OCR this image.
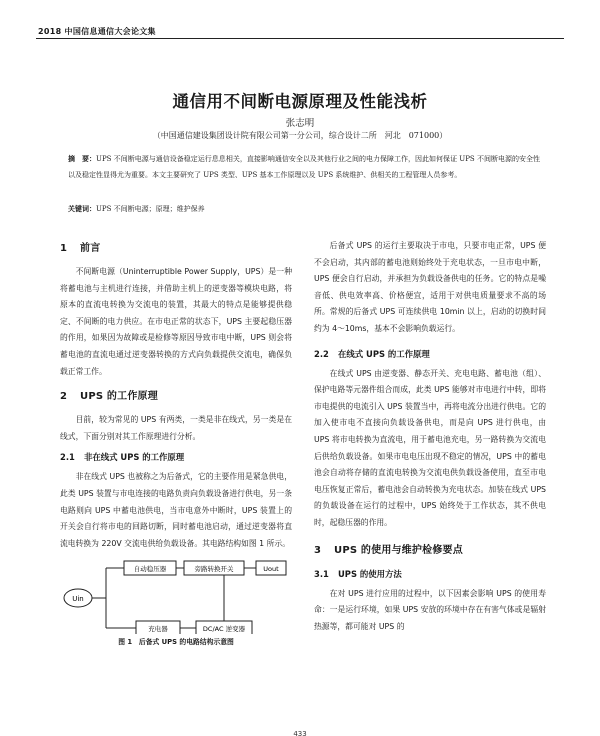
2018 中国信息通信大会论文集
通信用不间断电源原理及性能浅析
张志明
（中国通信建设集团设计院有限公司第一分公司，综合设计二所　河北　071000）
摘　要：UPS 不间断电源与通信设备稳定运行息息相关，直接影响通信安全以及其他行业之间的电力保障工作，因此如何保证 UPS 不间断电源的安全性以及稳定性显得尤为重要。本文主要研究了 UPS 类型、UPS 基本工作原理以及 UPS 系统维护、供相关的工程管理人员参考。
关键词：UPS 不间断电源；原理；维护保养
1 前言
不间断电源（Uninterruptible Power Supply，UPS）是一种将蓄电池与主机进行连接，并借助主机上的逆变器等模块电路，将原本的直流电转换为交流电的装置，其最大的特点是能够提供稳定、不间断的电力供应。在市电正常的状态下，UPS 主要起稳压器的作用，如果因为故障或是检修等原因导致市电中断，UPS 则会将蓄电池的直流电通过逆变器转换的方式向负载提供交流电，确保负载正常工作。
2 UPS 的工作原理
目前，较为常见的 UPS 有两类，一类是非在线式，另一类是在线式，下面分别对其工作原理进行分析。
2.1 非在线式 UPS 的工作原理
非在线式 UPS 也被称之为后备式，它的主要作用是紧急供电，此类 UPS 装置与市电连接的电路负责向负载设备进行供电，另一条电路则向 UPS 中蓄电池供电，当市电意外中断时，UPS 装置上的开关会自行将市电的回路切断，同时蓄电池启动，通过逆变器将直流电转换为 220V 交流电供给负载设备。其电路结构如图 1 所示。
Uin
自动稳压器	旁路转换开关	Uout
充电器	DC/AC 逆变器
图 1　后备式 UPS 的电路结构示意图
后备式 UPS 的运行主要取决于市电，只要市电正常，UPS 便不会启动，其内部的蓄电池则始终处于充电状态，一旦市电中断，UPS 便会自行启动，并承担为负载设备供电的任务。它的特点是噪音低、供电效率高、价格便宜，适用于对供电质量要求不高的场所。常规的后备式 UPS 可连续供电 10min 以上，启动的切换时间约为 4～10ms，基本不会影响负载运行。
2.2 在线式 UPS 的工作原理
在线式 UPS 由逆变器、静态开关、充电电路、蓄电池（组）、保护电路等元器件组合而成，此类 UPS 能够对市电进行中转，即将市电提供的电流引入 UPS 装置当中，再将电流分出进行供电。它的加入使市电不直接向负载设备供电，而是向 UPS 进行供电，由 UPS 将市电转换为直流电，用于蓄电池充电，另一路转换为交流电后供给负载设备。如果市电电压出现不稳定的情况，UPS 中的蓄电池会自动将存储的直流电转换为交流电供负载设备使用，直至市电电压恢复正常后，蓄电池会自动转换为充电状态。加装在线式 UPS 的负载设备在运行的过程中，UPS 始终处于工作状态，其不供电时，起稳压器的作用。
3 UPS 的使用与维护检修要点
3.1 UPS 的使用方法
在对 UPS 进行应用的过程中，以下因素会影响 UPS 的使用寿命：一是运行环境，如果 UPS 安放的环境中存在有害气体或是辐射热源等，都可能对 UPS 的
433
